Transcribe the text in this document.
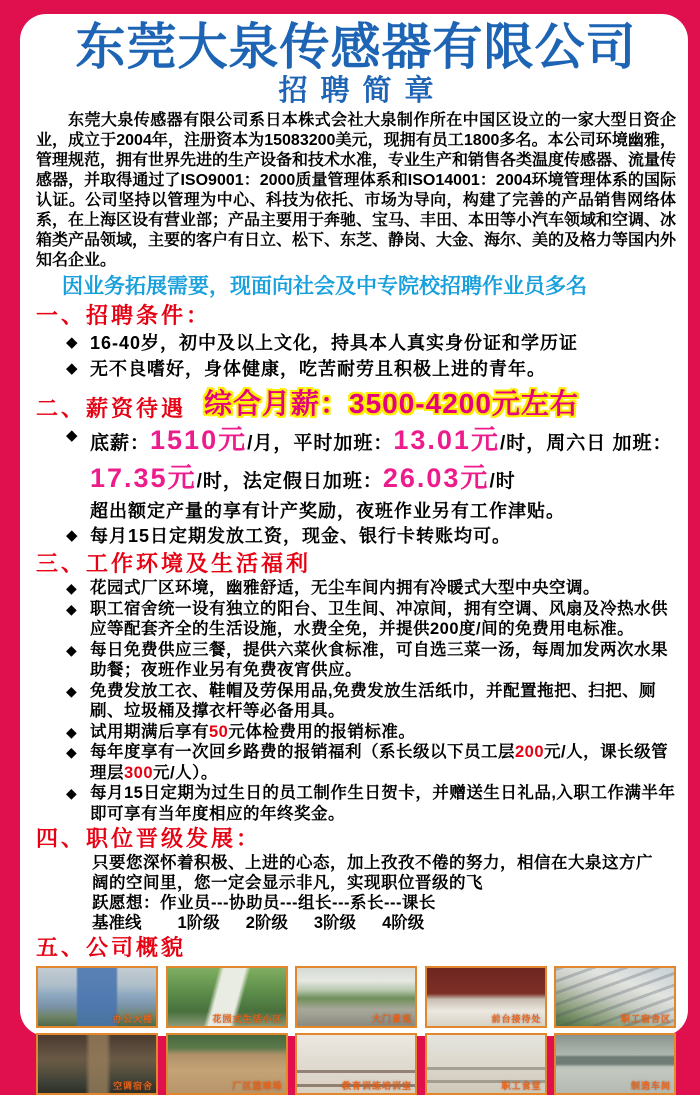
东莞大泉传感器有限公司
招聘简章
东莞大泉传感器有限公司系日本株式会社大泉制作所在中国区设立的一家大型日资企业，成立于2004年，注册资本为15083200美元，现拥有员工1800多名。本公司环境幽雅，管理规范，拥有世界先进的生产设备和技术水准，专业生产和销售各类温度传感器、流量传感器，并取得通过了ISO9001：2000质量管理体系和ISO14001：2004环境管理体系的国际认证。公司坚持以管理为中心、科技为依托、市场为导向，构建了完善的产品销售网络体系，在上海区设有营业部；产品主要用于奔驰、宝马、丰田、本田等小汽车领域和空调、冰箱类产品领域，主要的客户有日立、松下、东芝、静岗、大金、海尔、美的及格力等国内外知名企业。
因业务拓展需要，现面向社会及中专院校招聘作业员多名
一、招聘条件：
◆ 16-40岁，初中及以上文化，持具本人真实身份证和学历证
◆ 无不良嗜好，身体健康，吃苦耐劳且积极上进的青年。
二、薪资待遇 综合月薪：3500-4200元左右
◆ 底薪：1510元/月，平时加班：13.01元/时，周六日 加班：17.35元/时，法定假日加班：26.03元/时
超出额定产量的享有计产奖励，夜班作业另有工作津贴。
◆ 每月15日定期发放工资，现金、银行卡转账均可。
三、工作环境及生活福利
◆ 花园式厂区环境，幽雅舒适，无尘车间内拥有冷暖式大型中央空调。
◆ 职工宿舍统一设有独立的阳台、卫生间、冲凉间，拥有空调、风扇及冷热水供应等配套齐全的生活设施，水费全免，并提供200度/间的免费用电标准。
◆ 每日免费供应三餐，提供六菜伙食标准，可自选三菜一汤，每周加发两次水果助餐；夜班作业另有免费夜宵供应。
◆ 免费发放工衣、鞋帽及劳保用品,免费发放生活纸巾，并配置拖把、扫把、厕刷、垃圾桶及撑衣杆等必备用具。
◆ 试用期满后享有50元体检费用的报销标准。
◆ 每年度享有一次回乡路费的报销福利（系长级以下员工层200元/人，课长级管理层300元/人）。
◆ 每月15日定期为过生日的员工制作生日贺卡，并赠送生日礼品,入职工作满半年即可享有当年度相应的年终奖金。
四、职位晋级发展：
只要您深怀着积极、上进的心态，加上孜孜不倦的努力，相信在大泉这方广阔的空间里，您一定会显示非凡，实现职位晋级的飞
跃愿想：作业员---协助员---组长---系长---课长
基准线 1阶级 2阶级 3阶级 4阶级
五、公司概貌
办公大楼	花园式生活小区	大门景观	前台接待处	职工宿舍区
空调宿舍	厂区篮球场	教育训练培训室	职工食堂	制造车间
